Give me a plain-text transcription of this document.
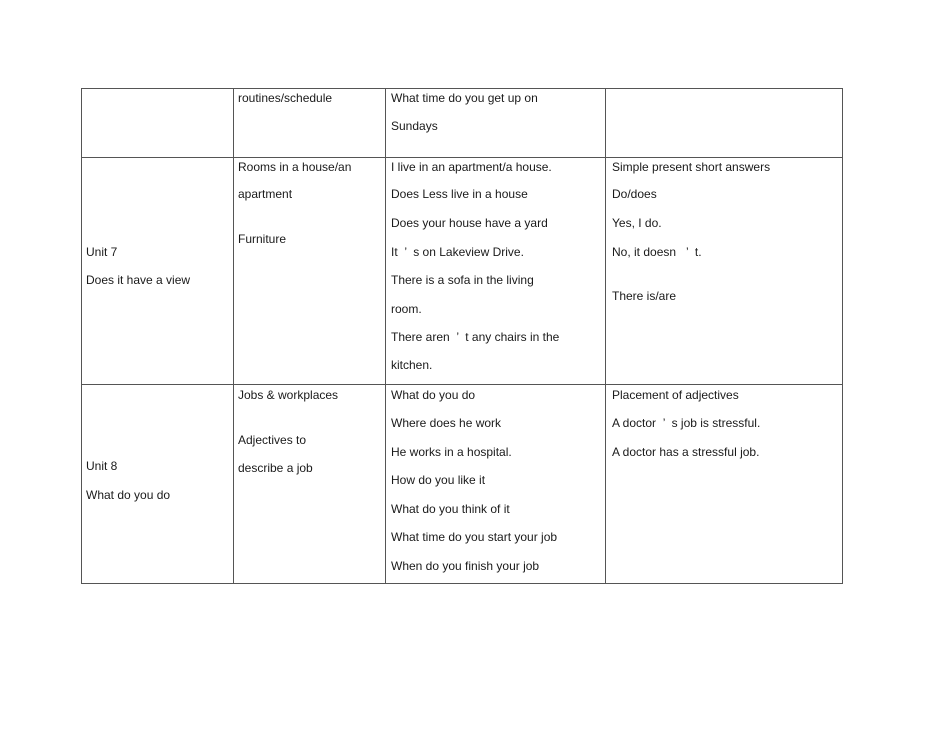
routines/schedule	What time do you get up on
Sundays
Unit 7
Does it have a view
Rooms in a house/an
apartment
Furniture
I live in an apartment/a house.
Does Less live in a house
Does your house have a yard
It  ’  s on Lakeview Drive.
There is a sofa in the living
room.
There aren  ’  t any chairs in the
kitchen.
Simple present short answers
Do/does
Yes, I do.
No, it doesn   ’  t.
There is/are
Unit 8
What do you do
Jobs & workplaces
Adjectives to
describe a job
What do you do
Where does he work
He works in a hospital.
How do you like it
What do you think of it
What time do you start your job
When do you finish your job
Placement of adjectives
A doctor  ’  s job is stressful.
A doctor has a stressful job.
